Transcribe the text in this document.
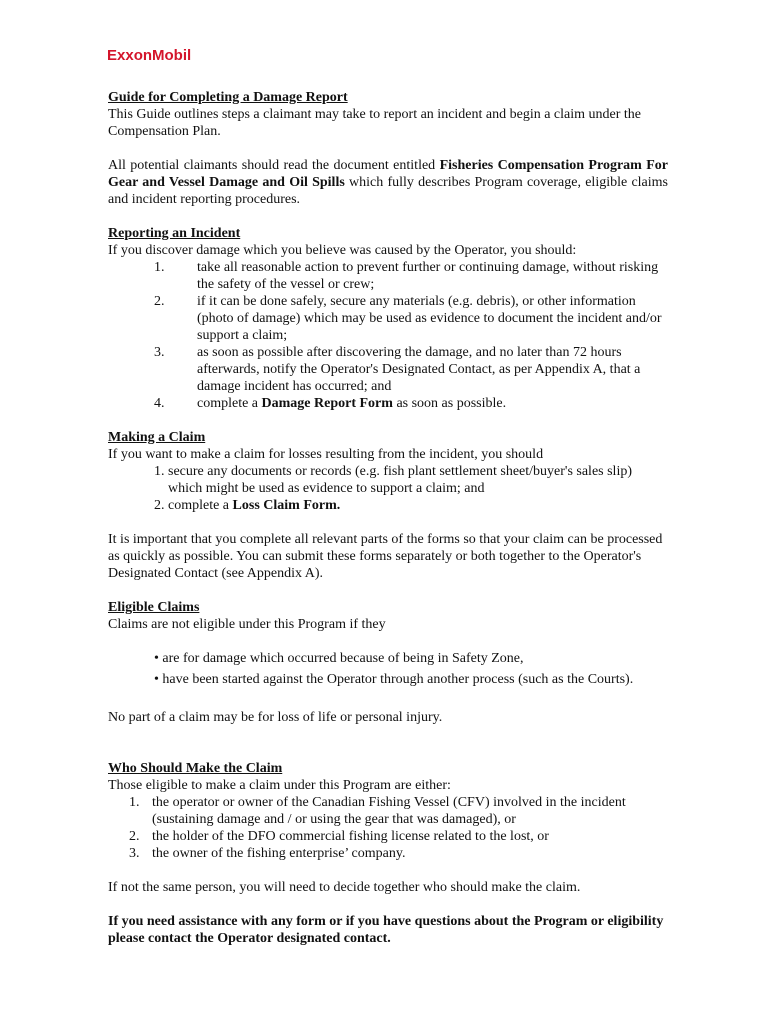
ExxonMobil

Guide for Completing a Damage Report

This Guide outlines steps a claimant may take to report an incident and begin a claim under the Compensation Plan.

All potential claimants should read the document entitled Fisheries Compensation Program For Gear and Vessel Damage and Oil Spills which fully describes Program coverage, eligible claims and incident reporting procedures.

Reporting an Incident

If you discover damage which you believe was caused by the Operator, you should:

1. take all reasonable action to prevent further or continuing damage, without risking the safety of the vessel or crew;
2. if it can be done safely, secure any materials (e.g. debris), or other information (photo of damage) which may be used as evidence to document the incident and/or support a claim;
3. as soon as possible after discovering the damage, and no later than 72 hours afterwards, notify the Operator's Designated Contact, as per Appendix A, that a damage incident has occurred; and
4. complete a Damage Report Form as soon as possible.

Making a Claim

If you want to make a claim for losses resulting from the incident, you should

1. secure any documents or records (e.g. fish plant settlement sheet/buyer's sales slip) which might be used as evidence to support a claim; and
2. complete a Loss Claim Form.

It is important that you complete all relevant parts of the forms so that your claim can be processed as quickly as possible. You can submit these forms separately or both together to the Operator's Designated Contact (see Appendix A).

Eligible Claims

Claims are not eligible under this Program if they

• are for damage which occurred because of being in Safety Zone,
• have been started against the Operator through another process (such as the Courts).

No part of a claim may be for loss of life or personal injury.

Who Should Make the Claim

Those eligible to make a claim under this Program are either:

1. the operator or owner of the Canadian Fishing Vessel (CFV) involved in the incident (sustaining damage and / or using the gear that was damaged), or
2. the holder of the DFO commercial fishing license related to the lost, or
3. the owner of the fishing enterprise’ company.

If not the same person, you will need to decide together who should make the claim.

If you need assistance with any form or if you have questions about the Program or eligibility please contact the Operator designated contact.
